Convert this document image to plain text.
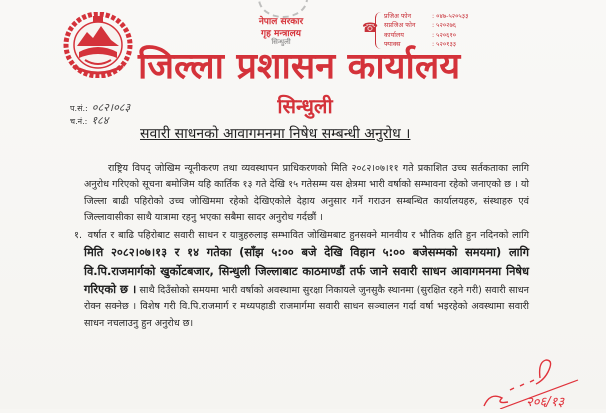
नेपाल सरकार
गृह मन्त्रालय
सिन्धुली
☎
प्रजिअ फोन	: ०४७-५२०५३३
सप्रजिअ फोन	: ५२०२७६
कार्यालय	: ५२०६१०
फ्याक्स	: ५२०१३३
जिल्ला प्रशासन कार्यालय
सिन्धुली
प.सं.: ०८२।०८३
च.नं.: १८४
सवारी साधनको आवागमनमा निषेध सम्बन्धी अनुरोध ।

राष्ट्रिय विपद् जोखिम न्यूनीकरण तथा व्यवस्थापन प्राधिकरणको मिति २०८२।०७।११ गते प्रकाशित उच्च सर्तकताका लागि अनुरोध गरिएको सूचना बमोजिम यहि कार्तिक १३ गते देखि १५ गतेसम्म यस क्षेत्रमा भारी वर्षाको सम्भावना रहेको जनाएको छ । यो जिल्ला बाढी पहिरोको उच्च जोखिममा रहेको देखिएकोले देहाय अनुसार गर्ने गराउन सम्बन्धित कार्यालयहरु, संस्थाहरु एवं जिल्लावासीका साथै यात्रामा रहनु भएका सबैमा सादर अनुरोध गर्दछौं ।

१. वर्षात र बाढि पहिरोबाट सवारी साधन र यात्रुहरुलाइ सम्भावित जोखिमबाट हुनसक्ने मानवीय र भौतिक क्षति हुन नदिनको लागि मिति २०८२।०७।१३ र १४ गतेका (साँझ ५:०० बजे देखि विहान ५:०० बजेसम्मको समयमा) लागि वि.पि.राजमार्गको खुर्कोटबजार, सिन्धुली जिल्लाबाट काठमाण्डौं तर्फ जाने सवारी साधन आवागमनमा निषेध गरिएको छ । साथै दिउँसोको समयमा भारी वर्षाको अवस्थामा सुरक्षा निकायले जुनसुकै स्थानमा (सुरक्षित रहने गरी) सवारी साधन रोक्न सक्नेछ । विशेष गरी वि.पि.राजमार्ग र मध्यपहाडी राजमार्गमा सवारी साधन सञ्चालन गर्दा वर्षा भइरहेको अवस्थामा सवारी साधन नचलाउनु हुन अनुरोध छ।

२०६/१३
